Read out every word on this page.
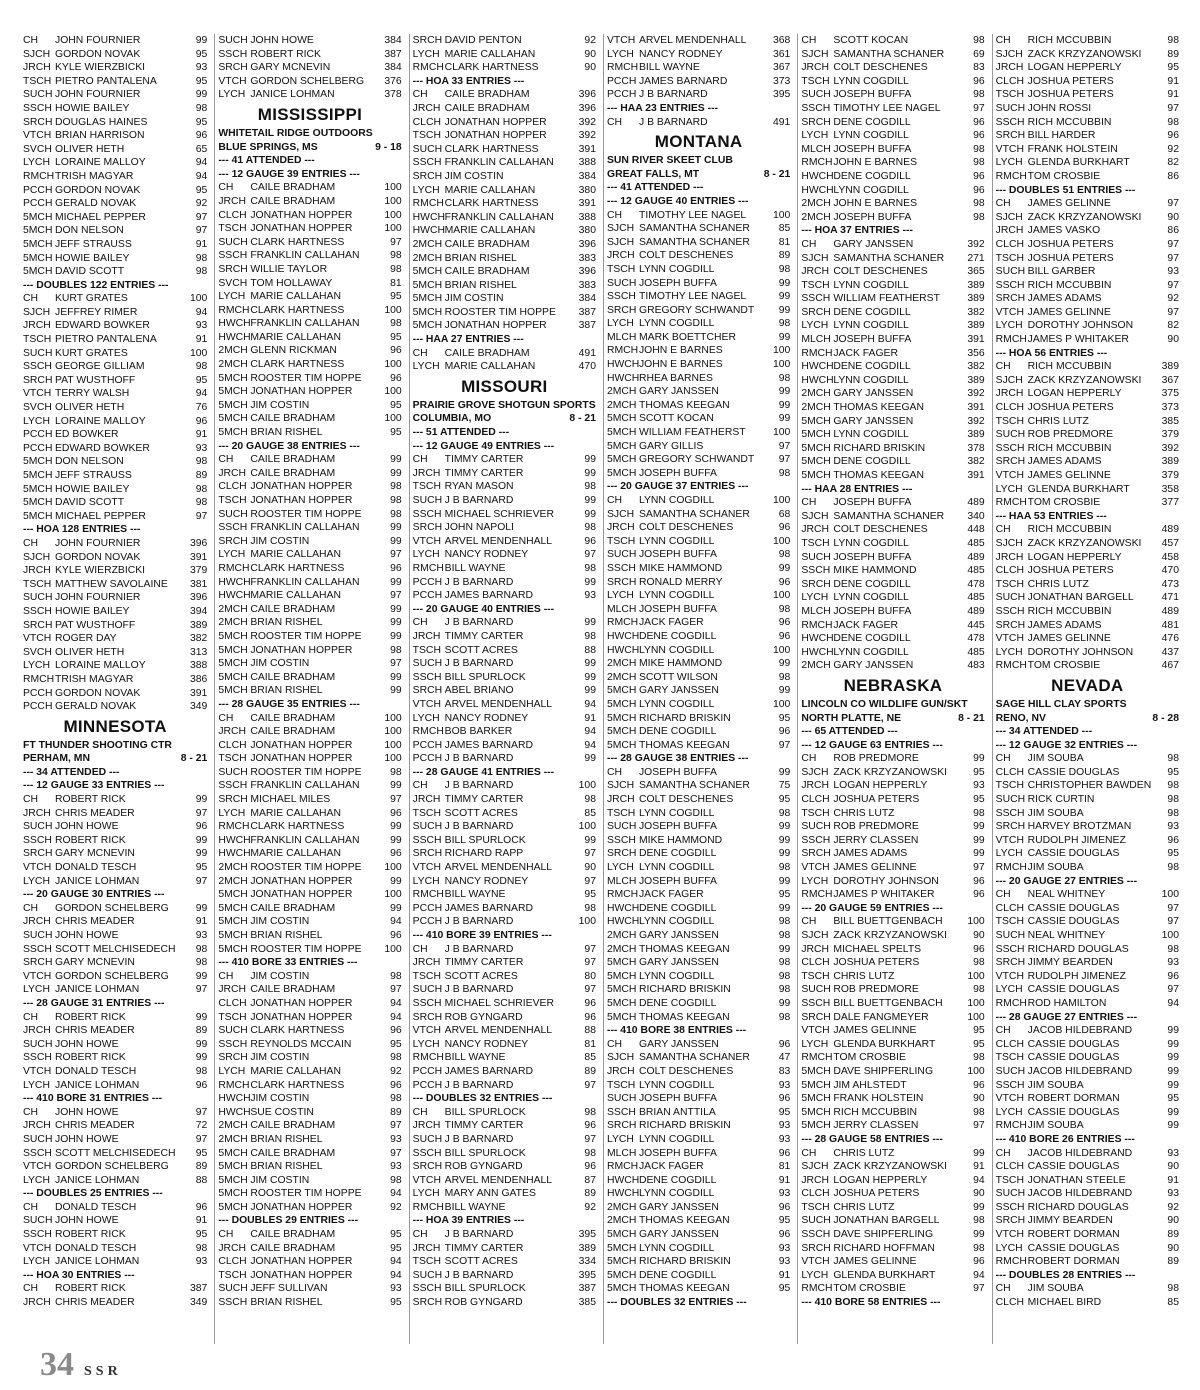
CH	JOHN FOURNIER	99
SJCH GORDON NOVAK	95
JRCH KYLE WIERZBICKI	93
TSCH PIETRO PANTALENA	95
SUCH JOHN FOURNIER	99
SSCH HOWIE BAILEY	98
SRCH DOUGLAS HAINES	95
VTCH BRIAN HARRISON	96
SVCH OLIVER HETH	65
LYCH LORAINE MALLOY	94
RMCH TRISH MAGYAR	94
PCCH GORDON NOVAK	95
PCCH GERALD NOVAK	92
5MCH MICHAEL PEPPER	97
5MCH DON NELSON	97
5MCH JEFF STRAUSS	91
5MCH HOWIE BAILEY	98
5MCH DAVID SCOTT	98
--- DOUBLES 122 ENTRIES ---
CH	KURT GRATES	100
SJCH JEFFREY RIMER	94
JRCH EDWARD BOWKER	93
TSCH PIETRO PANTALENA	91
SUCH KURT GRATES	100
SSCH GEORGE GILLIAM	98
SRCH PAT WUSTHOFF	95
VTCH TERRY WALSH	94
SVCH OLIVER HETH	76
LYCH LORAINE MALLOY	96
PCCH ED BOWKER	91
PCCH EDWARD BOWKER	93
5MCH DON NELSON	98
5MCH JEFF STRAUSS	89
5MCH HOWIE BAILEY	98
5MCH DAVID SCOTT	98
5MCH MICHAEL PEPPER	97
--- HOA 128 ENTRIES ---
CH	JOHN FOURNIER	396
SJCH GORDON NOVAK	391
JRCH KYLE WIERZBICKI	379
TSCH MATTHEW SAVOLAINE	381
SUCH JOHN FOURNIER	396
SSCH HOWIE BAILEY	394
SRCH PAT WUSTHOFF	389
VTCH ROGER DAY	382
SVCH OLIVER HETH	313
LYCH LORAINE MALLOY	388
RMCH TRISH MAGYAR	386
PCCH GORDON NOVAK	391
PCCH GERALD NOVAK	349
MINNESOTA
FT THUNDER SHOOTING CTR
PERHAM, MN	8 - 21
--- 34 ATTENDED ---
--- 12 GAUGE 33 ENTRIES ---
CH	ROBERT RICK	99
JRCH CHRIS MEADER	97
SUCH JOHN HOWE	96
SSCH ROBERT RICK	99
SRCH GARY MCNEVIN	99
VTCH DONALD TESCH	95
LYCH JANICE LOHMAN	97
--- 20 GAUGE 30 ENTRIES ---
CH	GORDON SCHELBERG	99
JRCH CHRIS MEADER	91
SUCH JOHN HOWE	93
SSCH SCOTT MELCHISEDECH	98
SRCH GARY MCNEVIN	98
VTCH GORDON SCHELBERG	99
LYCH JANICE LOHMAN	97
--- 28 GAUGE 31 ENTRIES ---
CH	ROBERT RICK	99
JRCH CHRIS MEADER	89
SUCH JOHN HOWE	99
SSCH ROBERT RICK	99
VTCH DONALD TESCH	98
LYCH JANICE LOHMAN	96
--- 410 BORE 31 ENTRIES ---
CH	JOHN HOWE	97
JRCH CHRIS MEADER	72
SUCH JOHN HOWE	97
SSCH SCOTT MELCHISEDECH	95
VTCH GORDON SCHELBERG	89
LYCH JANICE LOHMAN	88
--- DOUBLES 25 ENTRIES ---
CH	DONALD TESCH	96
SUCH JOHN HOWE	91
SSCH ROBERT RICK	95
VTCH DONALD TESCH	98
LYCH JANICE LOHMAN	93
--- HOA 30 ENTRIES ---
CH	ROBERT RICK	387
JRCH CHRIS MEADER	349
SUCH JOHN HOWE	384
SSCH ROBERT RICK	387
SRCH GARY MCNEVIN	384
VTCH GORDON SCHELBERG	376
LYCH JANICE LOHMAN	378
MISSISSIPPI
WHITETAIL RIDGE OUTDOORS
BLUE SPRINGS, MS	9 - 18
--- 41 ATTENDED ---
--- 12 GAUGE 39 ENTRIES ---
CH	CAILE BRADHAM	100
JRCH CAILE BRADHAM	100
CLCH JONATHAN HOPPER	100
TSCH JONATHAN HOPPER	100
SUCH CLARK HARTNESS	97
SSCH FRANKLIN CALLAHAN	98
SRCH WILLIE TAYLOR	98
SVCH TOM HOLLAWAY	81
LYCH MARIE CALLAHAN	95
RMCH CLARK HARTNESS	100
HWCH FRANKLIN CALLAHAN	98
HWCH MARIE CALLAHAN	95
2MCH GLENN RICKMAN	96
2MCH CLARK HARTNESS	100
5MCH ROOSTER TIM HOPPE	96
5MCH JONATHAN HOPPER	100
5MCH JIM COSTIN	95
5MCH CAILE BRADHAM	100
5MCH BRIAN RISHEL	95
--- 20 GAUGE 38 ENTRIES ---
CH	CAILE BRADHAM	99
JRCH CAILE BRADHAM	99
CLCH JONATHAN HOPPER	98
TSCH JONATHAN HOPPER	98
SUCH ROOSTER TIM HOPPE	98
SSCH FRANKLIN CALLAHAN	99
SRCH JIM COSTIN	99
LYCH MARIE CALLAHAN	97
RMCH CLARK HARTNESS	96
HWCH FRANKLIN CALLAHAN	99
HWCH MARIE CALLAHAN	97
2MCH CAILE BRADHAM	99
2MCH BRIAN RISHEL	99
5MCH ROOSTER TIM HOPPE	99
5MCH JONATHAN HOPPER	98
5MCH JIM COSTIN	97
5MCH CAILE BRADHAM	99
5MCH BRIAN RISHEL	99
--- 28 GAUGE 35 ENTRIES ---
CH	CAILE BRADHAM	100
JRCH CAILE BRADHAM	100
CLCH JONATHAN HOPPER	100
TSCH JONATHAN HOPPER	100
SUCH ROOSTER TIM HOPPE	98
SSCH FRANKLIN CALLAHAN	99
SRCH MICHAEL MILES	97
LYCH MARIE CALLAHAN	96
RMCH CLARK HARTNESS	99
HWCH FRANKLIN CALLAHAN	99
HWCH MARIE CALLAHAN	96
2MCH ROOSTER TIM HOPPE	100
2MCH JONATHAN HOPPER	99
5MCH JONATHAN HOPPER	100
5MCH CAILE BRADHAM	99
5MCH JIM COSTIN	94
5MCH BRIAN RISHEL	96
5MCH ROOSTER TIM HOPPE	100
--- 410 BORE 33 ENTRIES ---
CH	JIM COSTIN	98
JRCH CAILE BRADHAM	97
CLCH JONATHAN HOPPER	94
TSCH JONATHAN HOPPER	94
SUCH CLARK HARTNESS	96
SSCH REYNOLDS MCCAIN	95
SRCH JIM COSTIN	98
LYCH MARIE CALLAHAN	92
RMCH CLARK HARTNESS	96
HWCH JIM COSTIN	98
HWCH SUE COSTIN	89
2MCH CAILE BRADHAM	97
2MCH BRIAN RISHEL	93
5MCH CAILE BRADHAM	97
5MCH BRIAN RISHEL	93
5MCH JIM COSTIN	98
5MCH ROOSTER TIM HOPPE	94
5MCH JONATHAN HOPPER	92
--- DOUBLES 29 ENTRIES ---
CH	CAILE BRADHAM	95
JRCH CAILE BRADHAM	95
CLCH JONATHAN HOPPER	94
TSCH JONATHAN HOPPER	94
SUCH JEFF SULLIVAN	93
SSCH BRIAN RISHEL	95
SRCH DAVID PENTON	92
LYCH MARIE CALLAHAN	90
RMCH CLARK HARTNESS	90
--- HOA 33 ENTRIES ---
CH	CAILE BRADHAM	396
JRCH CAILE BRADHAM	396
CLCH JONATHAN HOPPER	392
TSCH JONATHAN HOPPER	392
SUCH CLARK HARTNESS	391
SSCH FRANKLIN CALLAHAN	388
SRCH JIM COSTIN	384
LYCH MARIE CALLAHAN	380
RMCH CLARK HARTNESS	391
HWCH FRANKLIN CALLAHAN	388
HWCH MARIE CALLAHAN	380
2MCH CAILE BRADHAM	396
2MCH BRIAN RISHEL	383
5MCH CAILE BRADHAM	396
5MCH BRIAN RISHEL	383
5MCH JIM COSTIN	384
5MCH ROOSTER TIM HOPPE	387
5MCH JONATHAN HOPPER	387
--- HAA 27 ENTRIES ---
CH	CAILE BRADHAM	491
LYCH MARIE CALLAHAN	470
MISSOURI
PRAIRIE GROVE SHOTGUN SPORTS
COLUMBIA, MO	8 - 21
--- 51 ATTENDED ---
--- 12 GAUGE 49 ENTRIES ---
CH	TIMMY CARTER	99
JRCH TIMMY CARTER	99
TSCH RYAN MASON	98
SUCH J B BARNARD	99
SSCH MICHAEL SCHRIEVER	99
SRCH JOHN NAPOLI	98
VTCH ARVEL MENDENHALL	96
LYCH NANCY RODNEY	97
RMCH BILL WAYNE	98
PCCH J B BARNARD	99
PCCH JAMES BARNARD	93
--- 20 GAUGE 40 ENTRIES ---
CH	J B BARNARD	99
JRCH TIMMY CARTER	98
TSCH SCOTT ACRES	88
SUCH J B BARNARD	99
SSCH BILL SPURLOCK	99
SRCH ABEL BRIANO	99
VTCH ARVEL MENDENHALL	94
LYCH NANCY RODNEY	91
RMCH BOB BARKER	94
PCCH JAMES BARNARD	94
PCCH J B BARNARD	99
--- 28 GAUGE 41 ENTRIES ---
CH	J B BARNARD	100
JRCH TIMMY CARTER	98
TSCH SCOTT ACRES	85
SUCH J B BARNARD	100
SSCH BILL SPURLOCK	99
SRCH RICHARD RAPP	97
VTCH ARVEL MENDENHALL	90
LYCH NANCY RODNEY	97
RMCH BILL WAYNE	95
PCCH JAMES BARNARD	98
PCCH J B BARNARD	100
--- 410 BORE 39 ENTRIES ---
CH	J B BARNARD	97
JRCH TIMMY CARTER	97
TSCH SCOTT ACRES	80
SUCH J B BARNARD	97
SSCH MICHAEL SCHRIEVER	96
SRCH ROB GYNGARD	96
VTCH ARVEL MENDENHALL	88
LYCH NANCY RODNEY	81
RMCH BILL WAYNE	85
PCCH JAMES BARNARD	89
PCCH J B BARNARD	97
--- DOUBLES 32 ENTRIES ---
CH	BILL SPURLOCK	98
JRCH TIMMY CARTER	96
SUCH J B BARNARD	97
SSCH BILL SPURLOCK	98
SRCH ROB GYNGARD	96
VTCH ARVEL MENDENHALL	87
LYCH MARY ANN GATES	89
RMCH BILL WAYNE	92
--- HOA 39 ENTRIES ---
CH	J B BARNARD	395
JRCH TIMMY CARTER	389
TSCH SCOTT ACRES	334
SUCH J B BARNARD	395
SSCH BILL SPURLOCK	387
SRCH ROB GYNGARD	385
VTCH ARVEL MENDENHALL	368
LYCH NANCY RODNEY	361
RMCH BILL WAYNE	367
PCCH JAMES BARNARD	373
PCCH J B BARNARD	395
--- HAA 23 ENTRIES ---
CH	J B BARNARD	491
MONTANA
SUN RIVER SKEET CLUB
GREAT FALLS, MT	8 - 21
--- 41 ATTENDED ---
--- 12 GAUGE 40 ENTRIES ---
CH	TIMOTHY LEE NAGEL	100
SJCH SAMANTHA SCHANER	85
SJCH SAMANTHA SCHANER	81
JRCH COLT DESCHENES	89
TSCH LYNN COGDILL	98
SUCH JOSEPH BUFFA	99
SSCH TIMOTHY LEE NAGEL	99
SRCH GREGORY SCHWANDT	99
LYCH LYNN COGDILL	98
MLCH MARK BOETTCHER	99
RMCH JOHN E BARNES	100
HWCH JOHN E BARNES	100
HWCH RHEA BARNES	98
2MCH GARY JANSSEN	99
2MCH THOMAS KEEGAN	99
5MCH SCOTT KOCAN	99
5MCH WILLIAM FEATHERST	100
5MCH GARY GILLIS	97
5MCH GREGORY SCHWANDT	97
5MCH JOSEPH BUFFA	98
--- 20 GAUGE 37 ENTRIES ---
CH	LYNN COGDILL	100
SJCH SAMANTHA SCHANER	68
JRCH COLT DESCHENES	96
TSCH LYNN COGDILL	100
SUCH JOSEPH BUFFA	98
SSCH MIKE HAMMOND	99
SRCH RONALD MERRY	96
LYCH LYNN COGDILL	100
MLCH JOSEPH BUFFA	98
RMCH JACK FAGER	96
HWCH DENE COGDILL	96
HWCH LYNN COGDILL	100
2MCH MIKE HAMMOND	99
2MCH SCOTT WILSON	98
5MCH GARY JANSSEN	99
5MCH LYNN COGDILL	100
5MCH RICHARD BRISKIN	95
5MCH DENE COGDILL	96
5MCH THOMAS KEEGAN	97
--- 28 GAUGE 38 ENTRIES ---
CH	JOSEPH BUFFA	99
SJCH SAMANTHA SCHANER	75
JRCH COLT DESCHENES	95
TSCH LYNN COGDILL	98
SUCH JOSEPH BUFFA	99
SSCH MIKE HAMMOND	99
SRCH DENE COGDILL	99
LYCH LYNN COGDILL	98
MLCH JOSEPH BUFFA	99
RMCH JACK FAGER	95
HWCH DENE COGDILL	99
HWCH LYNN COGDILL	98
2MCH GARY JANSSEN	98
2MCH THOMAS KEEGAN	99
5MCH GARY JANSSEN	98
5MCH LYNN COGDILL	98
5MCH RICHARD BRISKIN	98
5MCH DENE COGDILL	99
5MCH THOMAS KEEGAN	98
--- 410 BORE 38 ENTRIES ---
CH	GARY JANSSEN	96
SJCH SAMANTHA SCHANER	47
JRCH COLT DESCHENES	83
TSCH LYNN COGDILL	93
SUCH JOSEPH BUFFA	96
SSCH BRIAN ANTTILA	95
SRCH RICHARD BRISKIN	93
LYCH LYNN COGDILL	93
MLCH JOSEPH BUFFA	96
RMCH JACK FAGER	81
HWCH DENE COGDILL	91
HWCH LYNN COGDILL	93
2MCH GARY JANSSEN	96
2MCH THOMAS KEEGAN	95
5MCH GARY JANSSEN	96
5MCH LYNN COGDILL	93
5MCH RICHARD BRISKIN	93
5MCH DENE COGDILL	91
5MCH THOMAS KEEGAN	95
--- DOUBLES 32 ENTRIES ---
CH	SCOTT KOCAN	98
SJCH SAMANTHA SCHANER	69
JRCH COLT DESCHENES	83
TSCH LYNN COGDILL	96
SUCH JOSEPH BUFFA	98
SSCH TIMOTHY LEE NAGEL	97
SRCH DENE COGDILL	96
LYCH LYNN COGDILL	96
MLCH JOSEPH BUFFA	98
RMCH JOHN E BARNES	98
HWCH DENE COGDILL	96
HWCH LYNN COGDILL	96
2MCH JOHN E BARNES	98
2MCH JOSEPH BUFFA	98
--- HOA 37 ENTRIES ---
CH	GARY JANSSEN	392
SJCH SAMANTHA SCHANER	271
JRCH COLT DESCHENES	365
TSCH LYNN COGDILL	389
SSCH WILLIAM FEATHERST	389
SRCH DENE COGDILL	382
LYCH LYNN COGDILL	389
MLCH JOSEPH BUFFA	391
RMCH JACK FAGER	356
HWCH DENE COGDILL	382
HWCH LYNN COGDILL	389
2MCH GARY JANSSEN	392
2MCH THOMAS KEEGAN	391
5MCH GARY JANSSEN	392
5MCH LYNN COGDILL	389
5MCH RICHARD BRISKIN	378
5MCH DENE COGDILL	382
5MCH THOMAS KEEGAN	391
--- HAA 28 ENTRIES ---
CH	JOSEPH BUFFA	489
SJCH SAMANTHA SCHANER	340
JRCH COLT DESCHENES	448
TSCH LYNN COGDILL	485
SUCH JOSEPH BUFFA	489
SSCH MIKE HAMMOND	485
SRCH DENE COGDILL	478
LYCH LYNN COGDILL	485
MLCH JOSEPH BUFFA	489
RMCH JACK FAGER	445
HWCH DENE COGDILL	478
HWCH LYNN COGDILL	485
2MCH GARY JANSSEN	483
NEBRASKA
LINCOLN CO WILDLIFE GUN/SKT
NORTH PLATTE, NE	8 - 21
--- 65 ATTENDED ---
--- 12 GAUGE 63 ENTRIES ---
CH	ROB PREDMORE	99
SJCH ZACK KRZYZANOWSKI	95
JRCH LOGAN HEPPERLY	93
CLCH JOSHUA PETERS	95
TSCH CHRIS LUTZ	98
SUCH ROB PREDMORE	99
SSCH JERRY CLASSEN	99
SRCH JAMES ADAMS	99
VTCH JAMES GELINNE	97
LYCH DOROTHY JOHNSON	96
RMCH JAMES P WHITAKER	96
--- 20 GAUGE 59 ENTRIES ---
CH	BILL BUETTGENBACH	100
SJCH ZACK KRZYZANOWSKI	90
JRCH MICHAEL SPELTS	96
CLCH JOSHUA PETERS	98
TSCH CHRIS LUTZ	100
SUCH ROB PREDMORE	98
SSCH BILL BUETTGENBACH	100
SRCH DALE FANGMEYER	100
VTCH JAMES GELINNE	95
LYCH GLENDA BURKHART	95
RMCH TOM CROSBIE	98
5MCH DAVE SHIPFERLING	100
5MCH JIM AHLSTEDT	96
5MCH FRANK HOLSTEIN	90
5MCH RICH MCCUBBIN	98
5MCH JERRY CLASSEN	97
--- 28 GAUGE 58 ENTRIES ---
CH	CHRIS LUTZ	99
SJCH ZACK KRZYZANOWSKI	91
JRCH LOGAN HEPPERLY	94
CLCH JOSHUA PETERS	90
TSCH CHRIS LUTZ	99
SUCH JONATHAN BARGELL	98
SSCH DAVE SHIPFERLING	99
SRCH RICHARD HOFFMAN	98
VTCH JAMES GELINNE	96
LYCH GLENDA BURKHART	94
RMCH TOM CROSBIE	97
--- 410 BORE 58 ENTRIES ---
CH	RICH MCCUBBIN	98
SJCH ZACK KRZYZANOWSKI	89
JRCH LOGAN HEPPERLY	95
CLCH JOSHUA PETERS	91
TSCH JOSHUA PETERS	91
SUCH JOHN ROSSI	97
SSCH RICH MCCUBBIN	98
SRCH BILL HARDER	96
VTCH FRANK HOLSTEIN	92
LYCH GLENDA BURKHART	82
RMCH TOM CROSBIE	86
--- DOUBLES 51 ENTRIES ---
CH	JAMES GELINNE	97
SJCH ZACK KRZYZANOWSKI	90
JRCH JAMES VASKO	86
CLCH JOSHUA PETERS	97
TSCH JOSHUA PETERS	97
SUCH BILL GARBER	93
SSCH RICH MCCUBBIN	97
SRCH JAMES ADAMS	92
VTCH JAMES GELINNE	97
LYCH DOROTHY JOHNSON	82
RMCH JAMES P WHITAKER	90
--- HOA 56 ENTRIES ---
CH	RICH MCCUBBIN	389
SJCH ZACK KRZYZANOWSKI	367
JRCH LOGAN HEPPERLY	375
CLCH JOSHUA PETERS	373
TSCH CHRIS LUTZ	385
SUCH ROB PREDMORE	379
SSCH RICH MCCUBBIN	392
SRCH JAMES ADAMS	389
VTCH JAMES GELINNE	379
LYCH GLENDA BURKHART	358
RMCH TOM CROSBIE	377
--- HAA 53 ENTRIES ---
CH	RICH MCCUBBIN	489
SJCH ZACK KRZYZANOWSKI	457
JRCH LOGAN HEPPERLY	458
CLCH JOSHUA PETERS	470
TSCH CHRIS LUTZ	473
SUCH JONATHAN BARGELL	471
SSCH RICH MCCUBBIN	489
SRCH JAMES ADAMS	481
VTCH JAMES GELINNE	476
LYCH DOROTHY JOHNSON	437
RMCH TOM CROSBIE	467
NEVADA
SAGE HILL CLAY SPORTS
RENO, NV	8 - 28
--- 34 ATTENDED ---
--- 12 GAUGE 32 ENTRIES ---
CH	JIM SOUBA	98
CLCH CASSIE DOUGLAS	95
TSCH CHRISTOPHER BAWDEN	98
SUCH RICK CURTIN	98
SSCH JIM SOUBA	98
SRCH HARVEY BROTZMAN	93
VTCH RUDOLPH JIMENEZ	96
LYCH CASSIE DOUGLAS	95
RMCH JIM SOUBA	98
--- 20 GAUGE 27 ENTRIES ---
CH	NEAL WHITNEY	100
CLCH CASSIE DOUGLAS	97
TSCH CASSIE DOUGLAS	97
SUCH NEAL WHITNEY	100
SSCH RICHARD DOUGLAS	98
SRCH JIMMY BEARDEN	93
VTCH RUDOLPH JIMENEZ	96
LYCH CASSIE DOUGLAS	97
RMCH ROD HAMILTON	94
--- 28 GAUGE 27 ENTRIES ---
CH	JACOB HILDEBRAND	99
CLCH CASSIE DOUGLAS	99
TSCH CASSIE DOUGLAS	99
SUCH JACOB HILDEBRAND	99
SSCH JIM SOUBA	99
VTCH ROBERT DORMAN	95
LYCH CASSIE DOUGLAS	99
RMCH JIM SOUBA	99
--- 410 BORE 26 ENTRIES ---
CH	JACOB HILDEBRAND	93
CLCH CASSIE DOUGLAS	90
TSCH JONATHAN STEELE	91
SUCH JACOB HILDEBRAND	93
SSCH RICHARD DOUGLAS	92
SRCH JIMMY BEARDEN	90
VTCH ROBERT DORMAN	89
LYCH CASSIE DOUGLAS	90
RMCH ROBERT DORMAN	89
--- DOUBLES 28 ENTRIES ---
CH	JIM SOUBA	98
CLCH MICHAEL BIRD	85
34 SSR
